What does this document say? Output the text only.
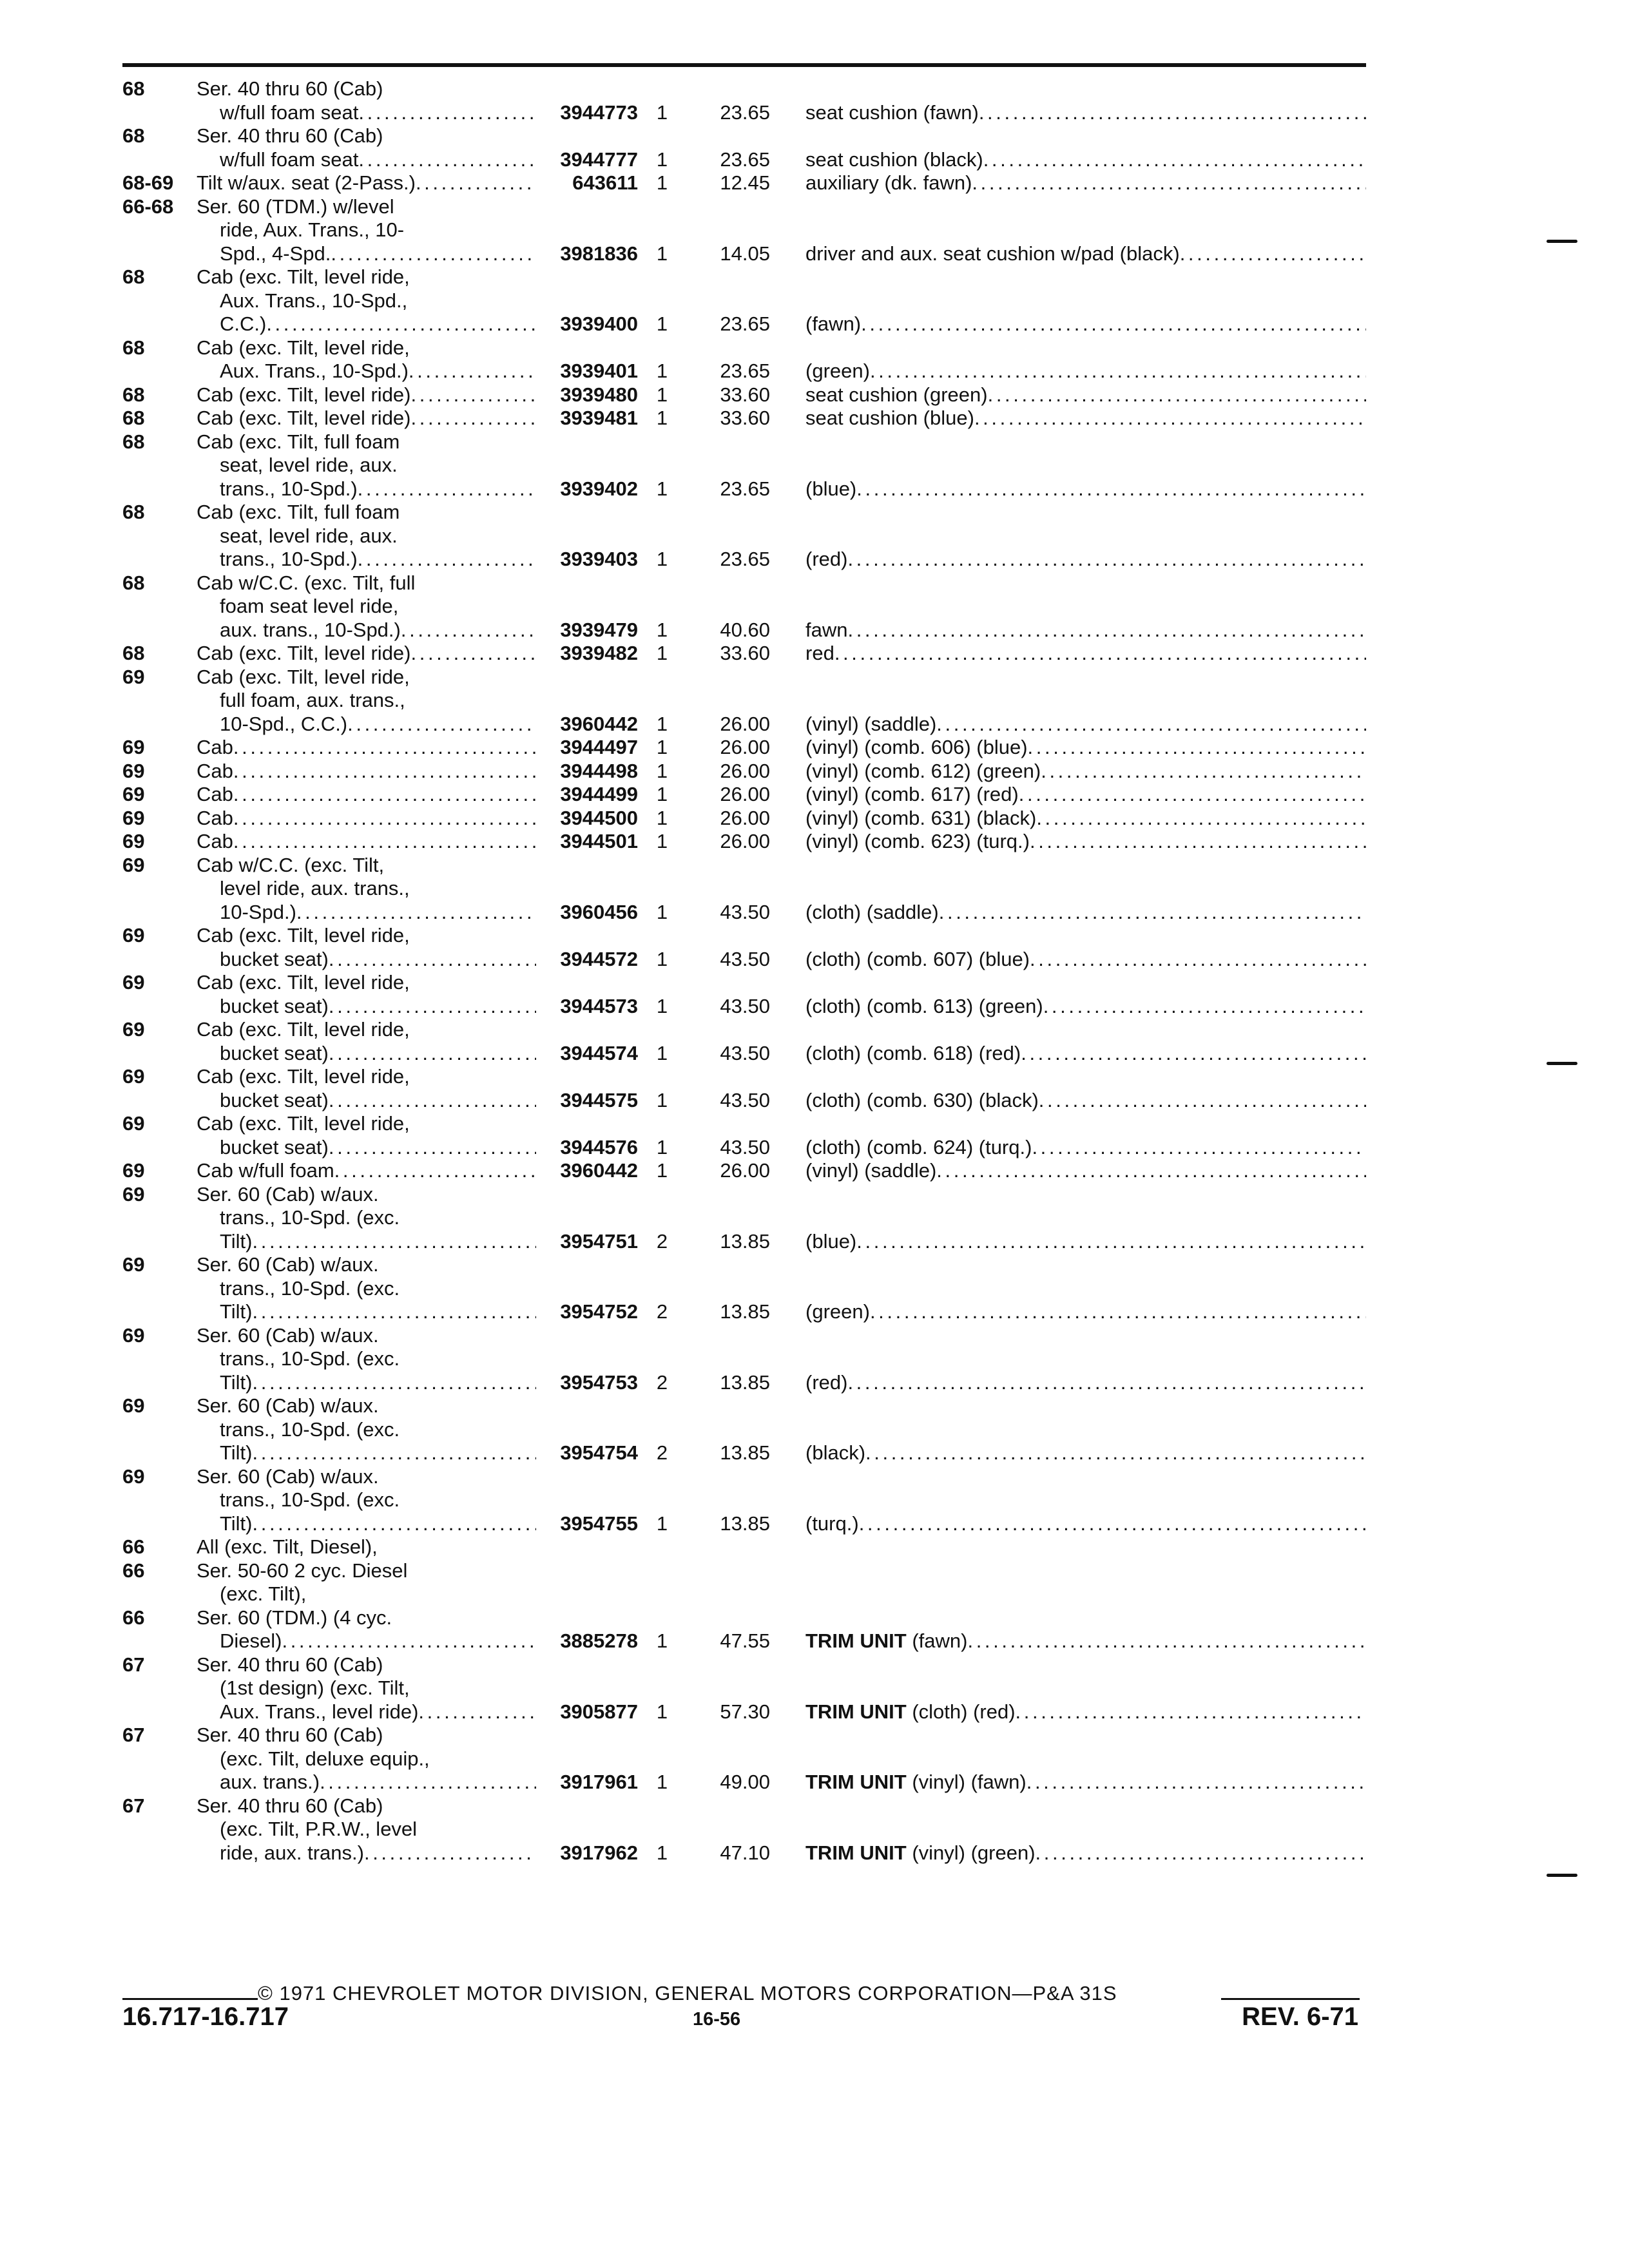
68	Ser. 40 thru 60 (Cab)
w/full foam seat . . .	3944773 1	23.65 seat cushion (fawn)
. . .
68	Ser. 40 thru 60 (Cab)
w/full foam seat . . .	3944777 1	23.65 seat cushion (black)
. . .
68-69	Tilt w/aux. seat (2-Pass.) . . .	643611 1	12.45 auxiliary (dk. fawn)
. . .
66-68	Ser. 60 (TDM.) w/level
ride, Aux. Trans., 10-
Spd., 4-Spd. . . .	3981836 1	14.05 driver and aux. seat cushion w/pad (black)
. . .
68	Cab (exc. Tilt, level ride,
Aux. Trans., 10-Spd.,
C.C.) . . .	3939400 1	23.65 (fawn)
. . .
68	Cab (exc. Tilt, level ride,
Aux. Trans., 10-Spd.) . . .	3939401 1	23.65 (green)
. . .
68	Cab (exc. Tilt, level ride) . . .	3939480 1	33.60 seat cushion (green)
. . .
68	Cab (exc. Tilt, level ride) . . .	3939481 1	33.60 seat cushion (blue)
. . .
68	Cab (exc. Tilt, full foam
seat, level ride, aux.
trans., 10-Spd.) . . .	3939402 1	23.65 (blue)
. . .
68	Cab (exc. Tilt, full foam
seat, level ride, aux.
trans., 10-Spd.) . . .	3939403 1	23.65 (red)
. . .
68	Cab w/C.C. (exc. Tilt, full
foam seat level ride,
aux. trans., 10-Spd.) . . .	3939479 1	40.60 fawn
. . .
68	Cab (exc. Tilt, level ride) . . .	3939482 1	33.60 red
. . .
69	Cab (exc. Tilt, level ride,
full foam, aux. trans.,
10-Spd., C.C.) . . .	3960442 1	26.00 (vinyl) (saddle)
. . .
69	Cab . . .	3944497 1	26.00 (vinyl) (comb. 606) (blue)
. . .
69	Cab . . .	3944498 1	26.00 (vinyl) (comb. 612) (green)
. . .
69	Cab . . .	3944499 1	26.00 (vinyl) (comb. 617) (red)
. . .
69	Cab . . .	3944500 1	26.00 (vinyl) (comb. 631) (black)
. . .
69	Cab . . .	3944501 1	26.00 (vinyl) (comb. 623) (turq.)
. . .
69	Cab w/C.C. (exc. Tilt,
level ride, aux. trans.,
10-Spd.) . . .	3960456 1	43.50 (cloth) (saddle)
. . .
69	Cab (exc. Tilt, level ride,
bucket seat) . . .	3944572 1	43.50 (cloth) (comb. 607) (blue)
. . .
69	Cab (exc. Tilt, level ride,
bucket seat) . . .	3944573 1	43.50 (cloth) (comb. 613) (green)
. . .
69	Cab (exc. Tilt, level ride,
bucket seat) . . .	3944574 1	43.50 (cloth) (comb. 618) (red)
. . .
69	Cab (exc. Tilt, level ride,
bucket seat) . . .	3944575 1	43.50 (cloth) (comb. 630) (black)
. . .
69	Cab (exc. Tilt, level ride,
bucket seat) . . .	3944576 1	43.50 (cloth) (comb. 624) (turq.)
. . .
69	Cab w/full foam . . .	3960442 1	26.00 (vinyl) (saddle)
. . .
69	Ser. 60 (Cab) w/aux.
trans., 10-Spd. (exc.
Tilt) . . .	3954751 2	13.85 (blue)
. . .
69	Ser. 60 (Cab) w/aux.
trans., 10-Spd. (exc.
Tilt) . . .	3954752 2	13.85 (green)
. . .
69	Ser. 60 (Cab) w/aux.
trans., 10-Spd. (exc.
Tilt) . . .	3954753 2	13.85 (red)
. . .
69	Ser. 60 (Cab) w/aux.
trans., 10-Spd. (exc.
Tilt) . . .	3954754 2	13.85 (black)
. . .
69	Ser. 60 (Cab) w/aux.
trans., 10-Spd. (exc.
Tilt) . . .	3954755 1	13.85 (turq.)
. . .
66	All (exc. Tilt, Diesel),
66	Ser. 50-60 2 cyc. Diesel
(exc. Tilt),
66	Ser. 60 (TDM.) (4 cyc.
Diesel) . . .	3885278 1	47.55 TRIM UNIT
(fawn)
. . .
67	Ser. 40 thru 60 (Cab)
(1st design) (exc. Tilt,
Aux. Trans., level ride) . . .	3905877 1	57.30 TRIM UNIT
(cloth) (red)
. . .
67	Ser. 40 thru 60 (Cab)
(exc. Tilt, deluxe equip.,
aux. trans.) . . .	3917961 1	49.00 TRIM UNIT
(vinyl) (fawn)
. . .
67	Ser. 40 thru 60 (Cab)
(exc. Tilt, P.R.W., level
ride, aux. trans.) . . .	3917962 1	47.10 TRIM UNIT
(vinyl) (green)
. . .
© 1971 CHEVROLET MOTOR DIVISION, GENERAL MOTORS CORPORATION—P&A 31S
16.717-16.717	16-56	REV. 6-71
